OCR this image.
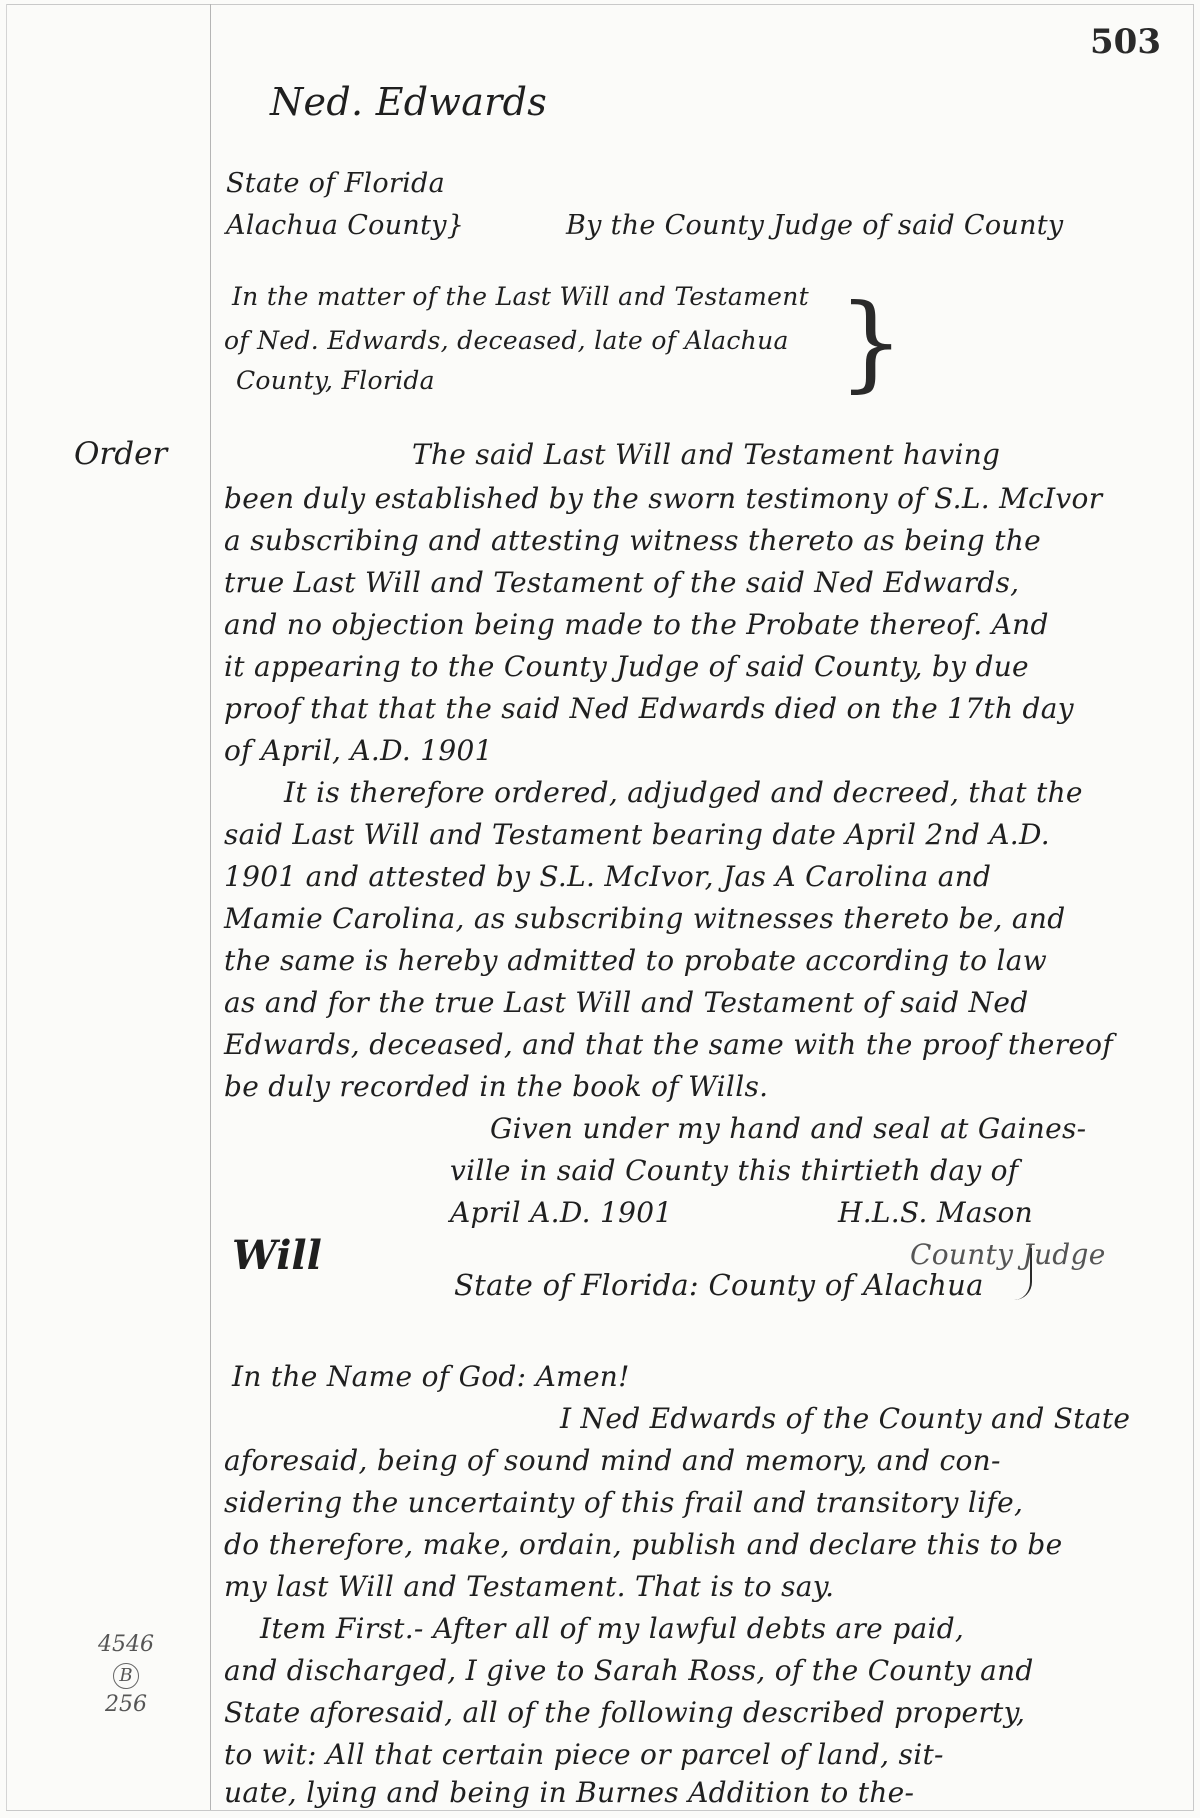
503
Ned. Edwards
State of Florida
Alachua County}	By the County Judge of said County
In the matter of the Last Will and Testament
of Ned. Edwards, deceased, late of Alachua
County, Florida	}
Order	The said Last Will and Testament having
been duly established by the sworn testimony of S.L. McIvor
a subscribing and attesting witness thereto as being the
true Last Will and Testament of the said Ned Edwards,
and no objection being made to the Probate thereof. And
it appearing to the County Judge of said County, by due
proof that that the said Ned Edwards died on the 17th day
of April, A.D. 1901
It is therefore ordered, adjudged and decreed, that the
said Last Will and Testament bearing date April 2nd A.D.
1901 and attested by S.L. McIvor, Jas A Carolina and
Mamie Carolina, as subscribing witnesses thereto be, and
the same is hereby admitted to probate according to law
as and for the true Last Will and Testament of said Ned
Edwards, deceased, and that the same with the proof thereof
be duly recorded in the book of Wills.
Given under my hand and seal at Gaines-
ville in said County this thirtieth day of
April A.D. 1901	H.L.S. Mason
County Judge
Will
State of Florida: County of Alachua
In the Name of God: Amen!
I Ned Edwards of the County and State
aforesaid, being of sound mind and memory, and con-
sidering the uncertainty of this frail and transitory life,
do therefore, make, ordain, publish and declare this to be
my last Will and Testament. That is to say.
Item First.- After all of my lawful debts are paid,
and discharged, I give to Sarah Ross, of the County and
State aforesaid, all of the following described property,
to wit: All that certain piece or parcel of land, sit-
uate, lying and being in Burnes Addition to the-
4546
B
256
